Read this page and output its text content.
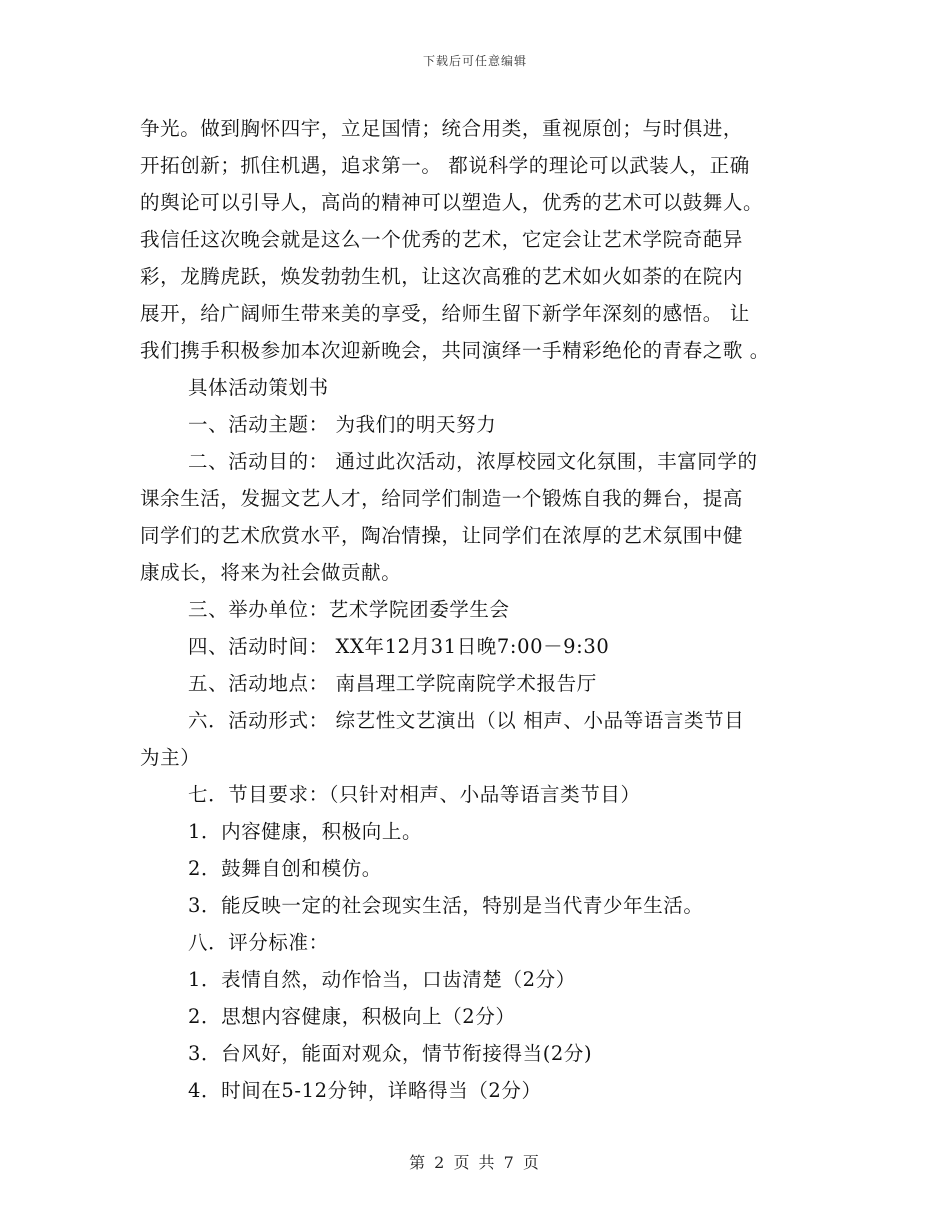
下载后可任意编辑

争光。做到胸怀四宇，立足国情；统合用类，重视原创；与时俱进，

开拓创新；抓住机遇，追求第一。 都说科学的理论可以武装人，正确

的舆论可以引导人，高尚的精神可以塑造人，优秀的艺术可以鼓舞人。

我信任这次晚会就是这么一个优秀的艺术，它定会让艺术学院奇葩异

彩，龙腾虎跃，焕发勃勃生机，让这次高雅的艺术如火如荼的在院内

展开，给广阔师生带来美的享受，给师生留下新学年深刻的感悟。 让

我们携手积极参加本次迎新晚会，共同演绎一手精彩绝伦的青春之歌 。

具体活动策划书

一、活动主题： 为我们的明天努力

二、活动目的： 通过此次活动，浓厚校园文化氛围，丰富同学的

课余生活，发掘文艺人才，给同学们制造一个锻炼自我的舞台，提高

同学们的艺术欣赏水平，陶冶情操，让同学们在浓厚的艺术氛围中健

康成长，将来为社会做贡献。

三、举办单位：艺术学院团委学生会

四、活动时间： XX年12月31日晚7:00－9:30

五、活动地点： 南昌理工学院南院学术报告厅

六．活动形式： 综艺性文艺演出（以 相声、小品等语言类节目

为主）

七．节目要求：（只针对相声、小品等语言类节目）

1．内容健康，积极向上。

2．鼓舞自创和模仿。

3．能反映一定的社会现实生活，特别是当代青少年生活。

八．评分标准：

1．表情自然，动作恰当，口齿清楚（2分）

2．思想内容健康，积极向上（2分）

3．台风好，能面对观众，情节衔接得当(2分)

4．时间在5-12分钟，详略得当（2分）

第 2 页 共 7 页
